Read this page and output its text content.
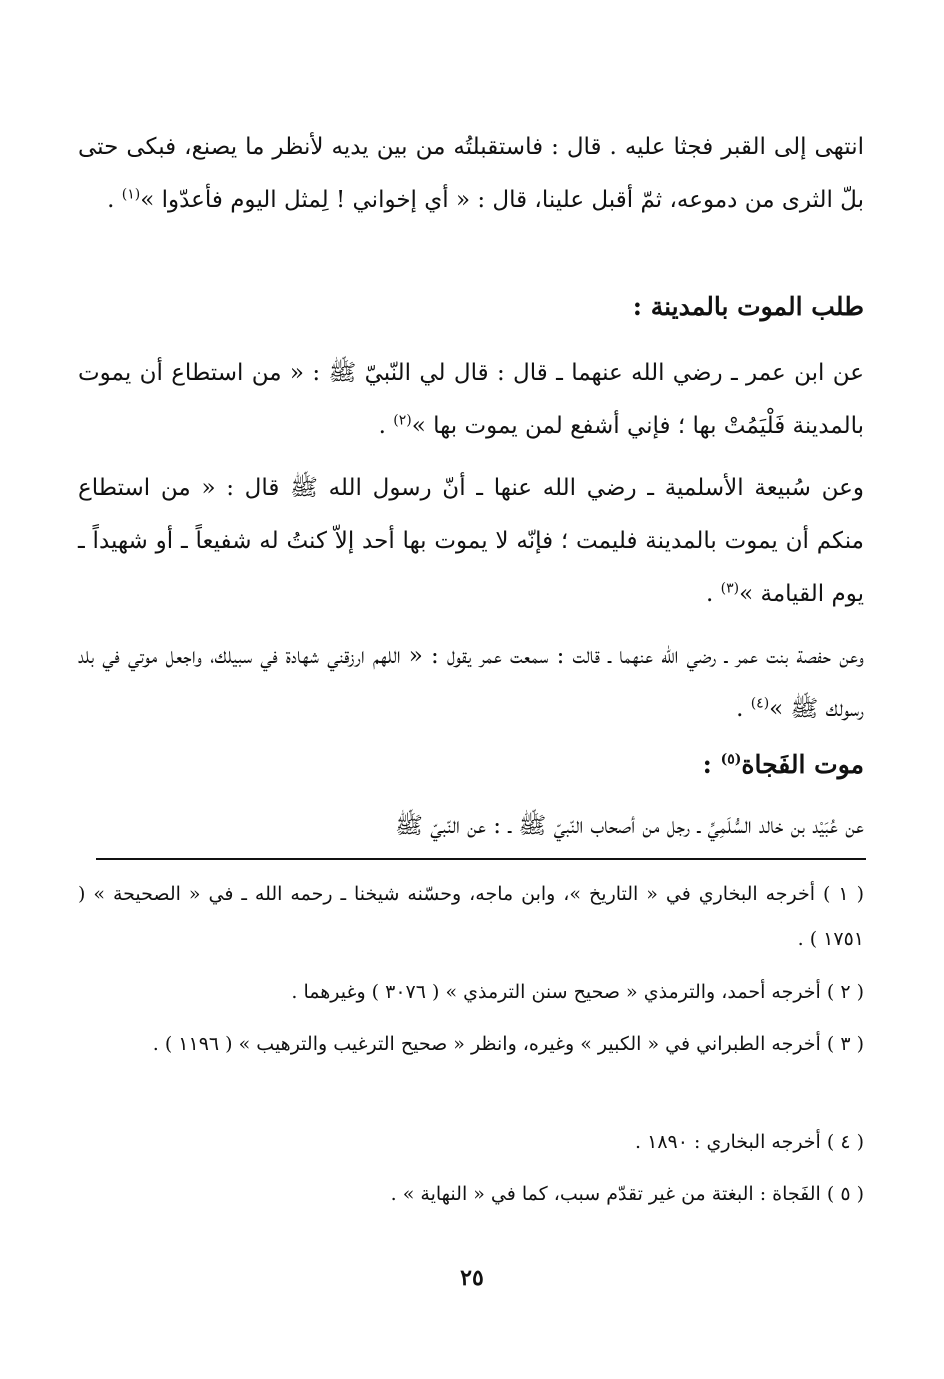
انتهى إلى القبر فجثا عليه . قال : فاستقبلتُه من بين يديه لأنظر ما يصنع، فبكى حتى بلّ الثرى من دموعه، ثمّ أقبل علينا، قال : « أي إخواني ! لِمثل اليوم فأعدّوا »$^{(١)}$ .
طلب الموت بالمدينة :
عن ابن عمر ـ رضي الله عنهما ـ قال : قال لي النّبيّ ﷺ : « من استطاع أن يموت بالمدينة فَلْيَمُتْ بها ؛ فإني أشفع لمن يموت بها »$^{(٢)}$ .
وعن سُبيعة الأسلمية ـ رضي الله عنها ـ أنّ رسول الله ﷺ قال : « من استطاع منكم أن يموت بالمدينة فليمت ؛ فإنّه لا يموت بها أحد إلاّ كنتُ له شفيعاً ـ أو شهيداً ـ يوم القيامة »$^{(٣)}$ .
وعن حفصة بنت عمر ـ رضي الله عنهما ـ قالت : سمعت عمر يقول : « اللهم ارزقني شهادة في سبيلك، واجعل موتي في بلد رسولك ﷺ »$^{(٤)}$ .
موت الفَجاة$^{(٥)}$ :
عن عُبَيْد بن خالد السُّلَمِيِّ ـ رجل من أصحاب النّبيّ ﷺ ـ : عن النّبيّ ﷺ
( ١ ) أخرجه البخاري في « التاريخ »، وابن ماجه، وحسّنه شيخنا ـ رحمه الله ـ في « الصحيحة » ( ١٧٥١ ) .
( ٢ ) أخرجه أحمد، والترمذي « صحيح سنن الترمذي » ( ٣٠٧٦ ) وغيرهما .
( ٣ ) أخرجه الطبراني في « الكبير » وغيره، وانظر « صحيح الترغيب والترهيب » ( ١١٩٦ ) .
( ٤ ) أخرجه البخاري : ١٨٩٠ .
( ٥ ) الفَجاة : البغتة من غير تقدّم سبب، كما في « النهاية » .
٢٥
